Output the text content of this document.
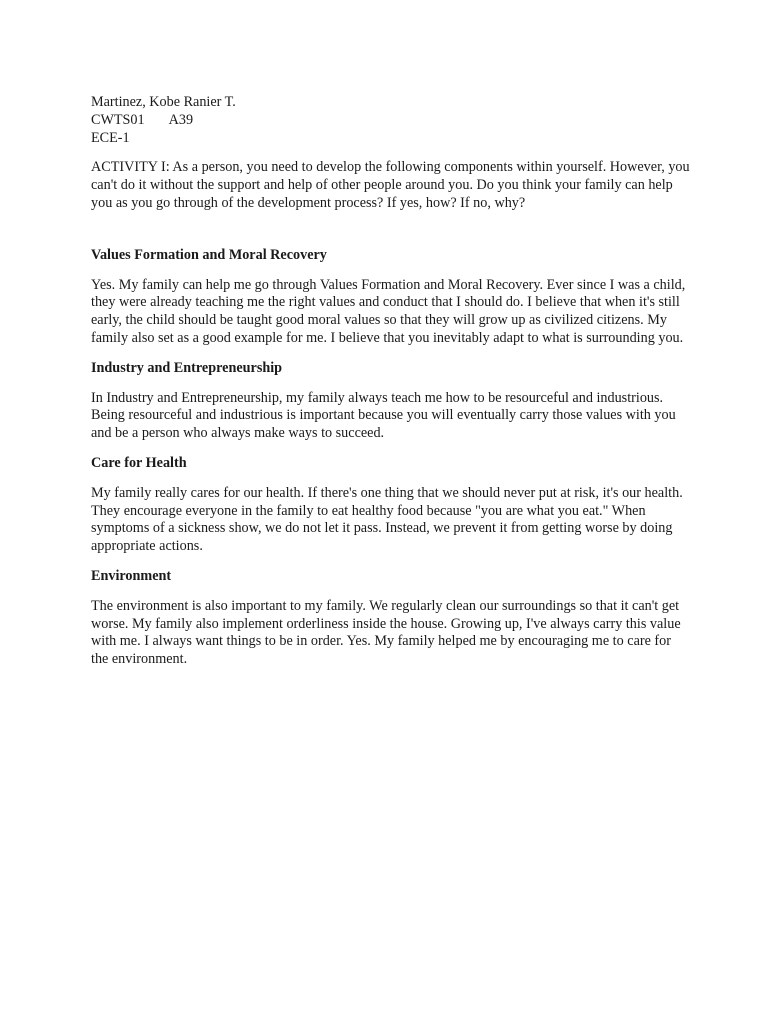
Martinez, Kobe Ranier T.

CWTS01       A39

ECE-1

ACTIVITY I: As a person, you need to develop the following components within yourself. However, you can't do it without the support and help of other people around you. Do you think your family can help you as you go through of the development process? If yes, how? If no, why?

Values Formation and Moral Recovery

Yes. My family can help me go through Values Formation and Moral Recovery. Ever since I was a child, they were already teaching me the right values and conduct that I should do. I believe that when it's still early, the child should be taught good moral values so that they will grow up as civilized citizens. My family also set as a good example for me. I believe that you inevitably adapt to what is surrounding you.

Industry and Entrepreneurship

In Industry and Entrepreneurship, my family always teach me how to be resourceful and industrious. Being resourceful and industrious is important because you will eventually carry those values with you and be a person who always make ways to succeed.

Care for Health

My family really cares for our health. If there's one thing that we should never put at risk, it's our health. They encourage everyone in the family to eat healthy food because "you are what you eat." When symptoms of a sickness show, we do not let it pass. Instead, we prevent it from getting worse by doing appropriate actions.

Environment

The environment is also important to my family. We regularly clean our surroundings so that it can't get worse. My family also implement orderliness inside the house. Growing up, I've always carry this value with me. I always want things to be in order. Yes. My family helped me by encouraging me to care for the environment.
